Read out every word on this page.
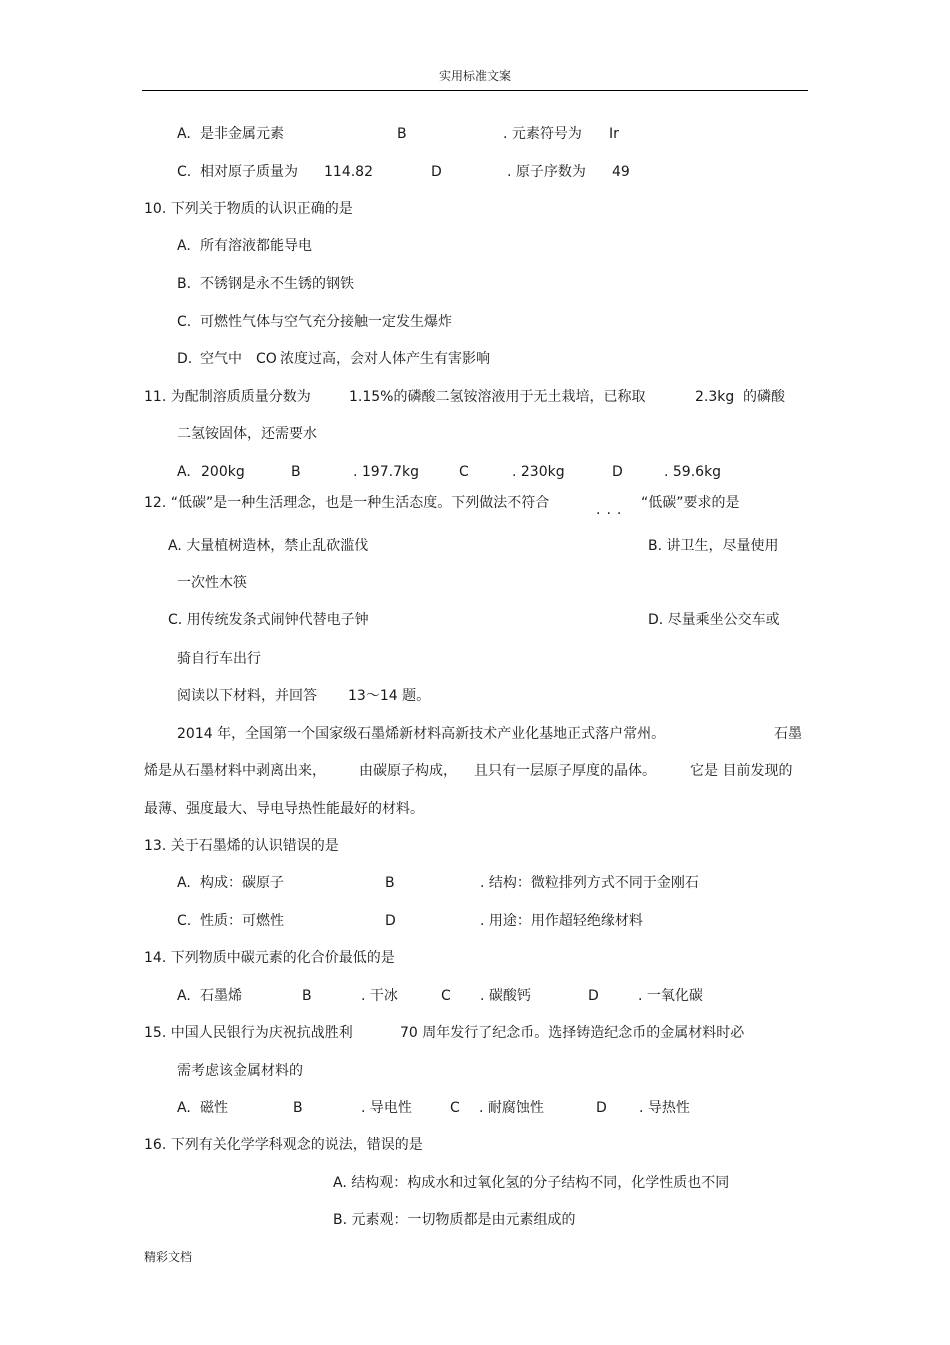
实用标准文案
A. 是非金属元素	B	. 元素符号为 Ir
C. 相对原子质量为 114.82	D	. 原子序数为 49
10. 下列关于物质的认识正确的是
A. 所有溶液都能导电
B. 不锈钢是永不生锈的钢铁
C. 可燃性气体与空气充分接触一定发生爆炸
D. 空气中 CO 浓度过高，会对人体产生有害影响
11. 为配制溶质质量分数为	1.15%的磷酸二氢铵溶液用于无土栽培，已称取	2.3kg 的磷酸
二氢铵固体，还需要水
A. 200kg	B	. 197.7kg	C	. 230kg	D	. 59.6kg
12. “低碳”是一种生活理念，也是一种生活态度。下列做法不符合	... “低碳”要求的是
A. 大量植树造林，禁止乱砍滥伐	B. 讲卫生，尽量使用
一次性木筷
C. 用传统发条式闹钟代替电子钟	D. 尽量乘坐公交车或
骑自行车出行
阅读以下材料，并回答 13～14 题。
2014 年，全国第一个国家级石墨烯新材料高新技术产业化基地正式落户常州。	石墨
烯是从石墨材料中剥离出来， 由碳原子构成， 且只有一层原子厚度的晶体。 它是 目前发现的
最薄、强度最大、导电导热性能最好的材料。
13. 关于石墨烯的认识错误的是
A. 构成：碳原子	B	. 结构：微粒排列方式不同于金刚石
C. 性质：可燃性	D	. 用途：用作超轻绝缘材料
14. 下列物质中碳元素的化合价最低的是
A. 石墨烯	B	. 干冰	C . 碳酸钙	D	. 一氧化碳
15. 中国人民银行为庆祝抗战胜利	70 周年发行了纪念币。选择铸造纪念币的金属材料时必
需考虑该金属材料的
A. 磁性	B	. 导电性	C . 耐腐蚀性	D . 导热性
16. 下列有关化学学科观念的说法，错误的是
A. 结构观：构成水和过氧化氢的分子结构不同，化学性质也不同
B. 元素观：一切物质都是由元素组成的
精彩文档
